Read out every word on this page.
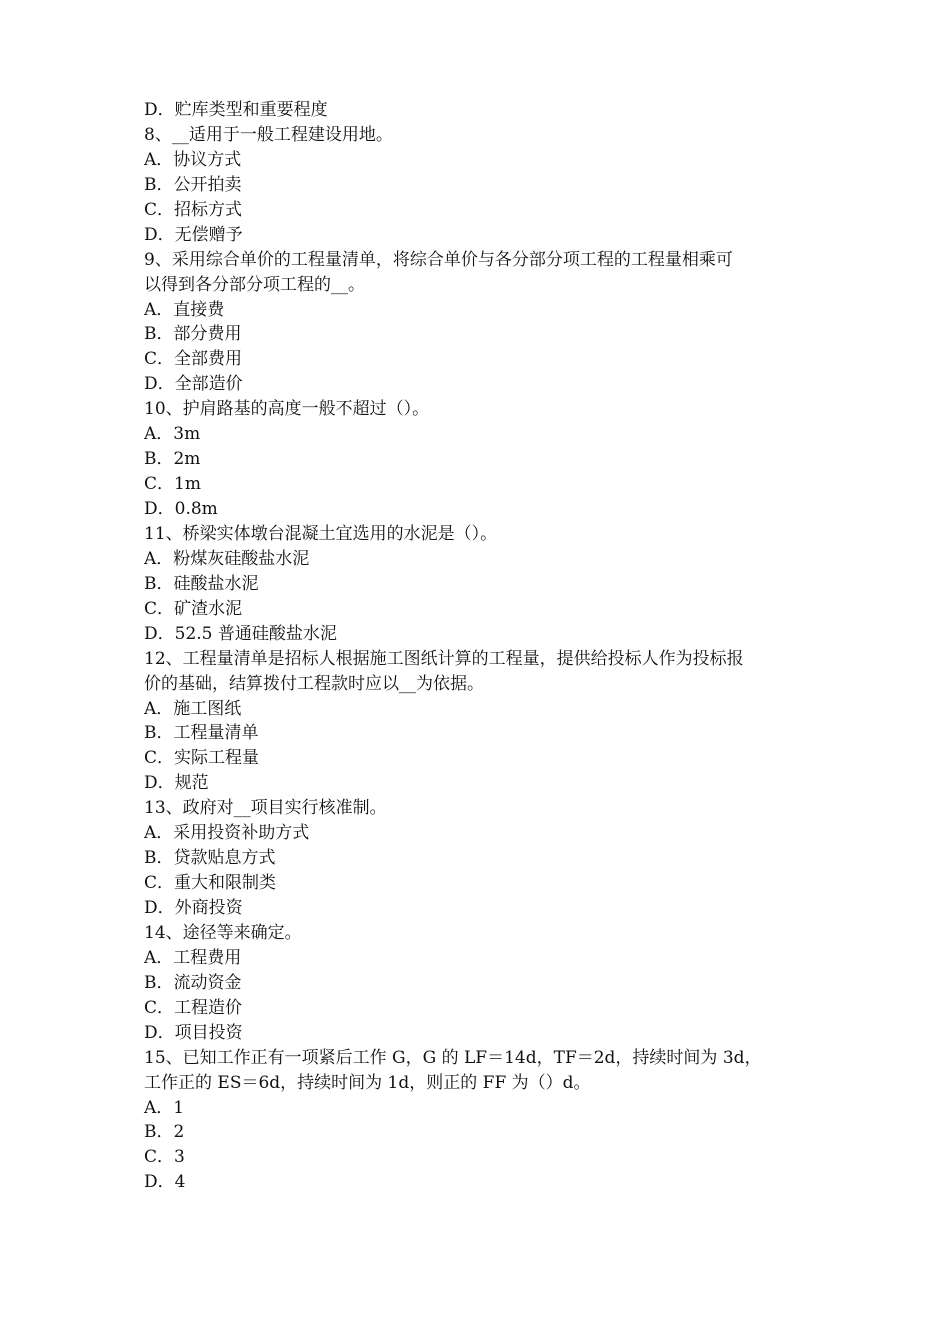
D．贮库类型和重要程度
8、__适用于一般工程建设用地。
A．协议方式
B．公开拍卖
C．招标方式
D．无偿赠予
9、采用综合单价的工程量清单，将综合单价与各分部分项工程的工程量相乘可
以得到各分部分项工程的__。
A．直接费
B．部分费用
C．全部费用
D．全部造价
10、护肩路基的高度一般不超过（）。
A．3m
B．2m
C．1m
D．0.8m
11、桥梁实体墩台混凝土宜选用的水泥是（）。
A．粉煤灰硅酸盐水泥
B．硅酸盐水泥
C．矿渣水泥
D．52.5 普通硅酸盐水泥
12、工程量清单是招标人根据施工图纸计算的工程量，提供给投标人作为投标报
价的基础，结算拨付工程款时应以__为依据。
A．施工图纸
B．工程量清单
C．实际工程量
D．规范
13、政府对__项目实行核准制。
A．采用投资补助方式
B．贷款贴息方式
C．重大和限制类
D．外商投资
14、途径等来确定。
A．工程费用
B．流动资金
C．工程造价
D．项目投资
15、已知工作正有一项紧后工作 G，G 的 LF＝14d，TF＝2d，持续时间为 3d，
工作正的 ES＝6d，持续时间为 1d，则正的 FF 为（）d。
A．1
B．2
C．3
D．4
